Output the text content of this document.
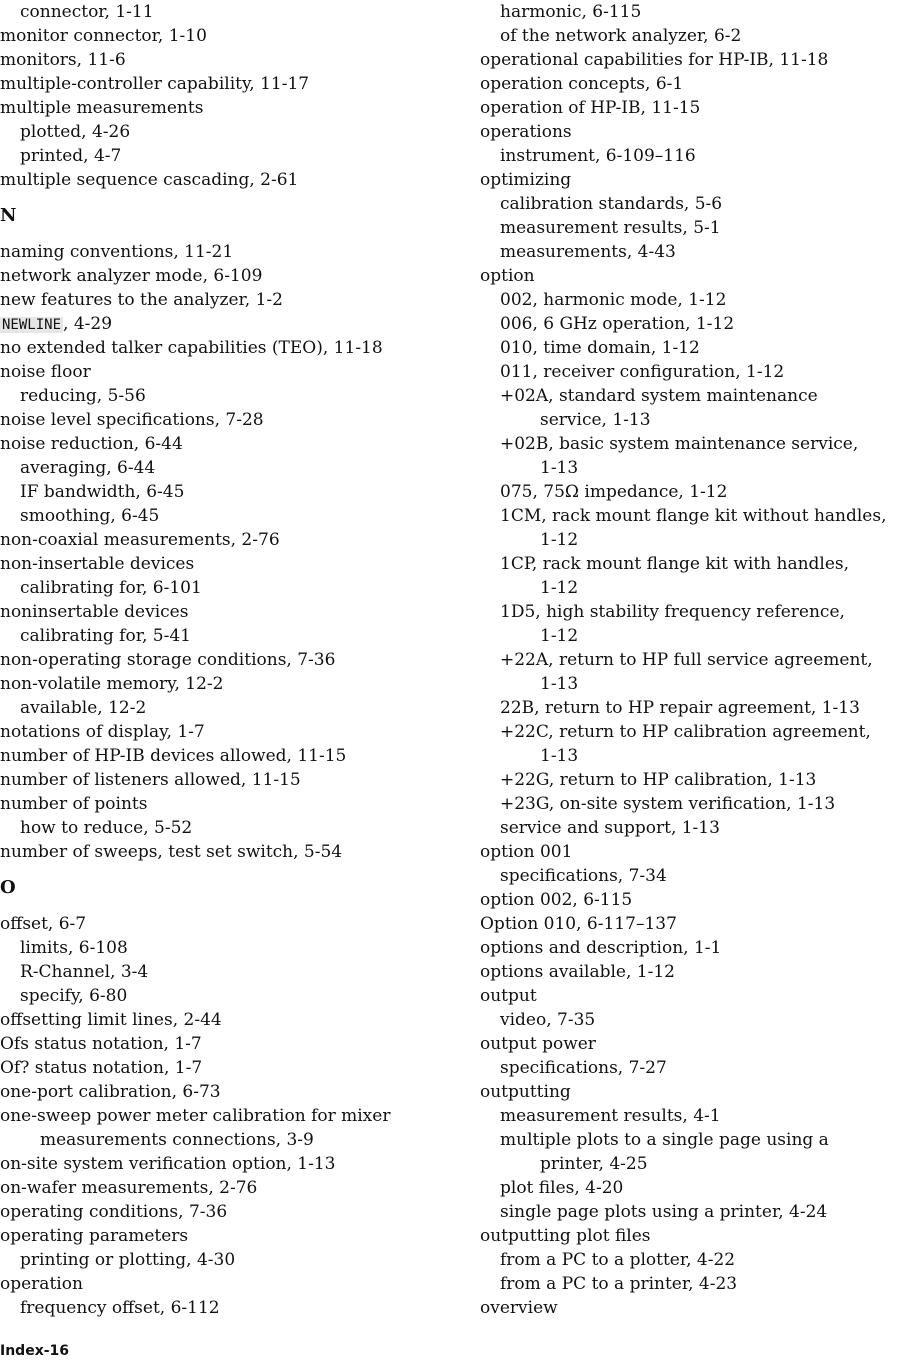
connector, 1-11
monitor connector, 1-10
monitors, 11-6
multiple-controller capability, 11-17
multiple measurements
plotted, 4-26
printed, 4-7
multiple sequence cascading, 2-61
N
naming conventions, 11-21
network analyzer mode, 6-109
new features to the analyzer, 1-2
NEWLINE , 4-29
no extended talker capabilities (TEO), 11-18
noise floor
reducing, 5-56
noise level specifications, 7-28
noise reduction, 6-44
averaging, 6-44
IF bandwidth, 6-45
smoothing, 6-45
non-coaxial measurements, 2-76
non-insertable devices
calibrating for, 6-101
noninsertable devices
calibrating for, 5-41
non-operating storage conditions, 7-36
non-volatile memory, 12-2
available, 12-2
notations of display, 1-7
number of HP-IB devices allowed, 11-15
number of listeners allowed, 11-15
number of points
how to reduce, 5-52
number of sweeps, test set switch, 5-54
O
offset, 6-7
limits, 6-108
R-Channel, 3-4
specify, 6-80
offsetting limit lines, 2-44
Ofs status notation, 1-7
Of? status notation, 1-7
one-port calibration, 6-73
one-sweep power meter calibration for mixer
measurements connections, 3-9
on-site system verification option, 1-13
on-wafer measurements, 2-76
operating conditions, 7-36
operating parameters
printing or plotting, 4-30
operation
frequency offset, 6-112
harmonic, 6-115
of the network analyzer, 6-2
operational capabilities for HP-IB, 11-18
operation concepts, 6-1
operation of HP-IB, 11-15
operations
instrument, 6-109–116
optimizing
calibration standards, 5-6
measurement results, 5-1
measurements, 4-43
option
002, harmonic mode, 1-12
006, 6 GHz operation, 1-12
010, time domain, 1-12
011, receiver configuration, 1-12
+02A, standard system maintenance
service, 1-13
+02B, basic system maintenance service,
1-13
075, 75Ω impedance, 1-12
1CM, rack mount flange kit without handles,
1-12
1CP, rack mount flange kit with handles,
1-12
1D5, high stability frequency reference,
1-12
+22A, return to HP full service agreement,
1-13
22B, return to HP repair agreement, 1-13
+22C, return to HP calibration agreement,
1-13
+22G, return to HP calibration, 1-13
+23G, on-site system verification, 1-13
service and support, 1-13
option 001
specifications, 7-34
option 002, 6-115
Option 010, 6-117–137
options and description, 1-1
options available, 1-12
output
video, 7-35
output power
specifications, 7-27
outputting
measurement results, 4-1
multiple plots to a single page using a
printer, 4-25
plot files, 4-20
single page plots using a printer, 4-24
outputting plot files
from a PC to a plotter, 4-22
from a PC to a printer, 4-23
overview
Index-16
